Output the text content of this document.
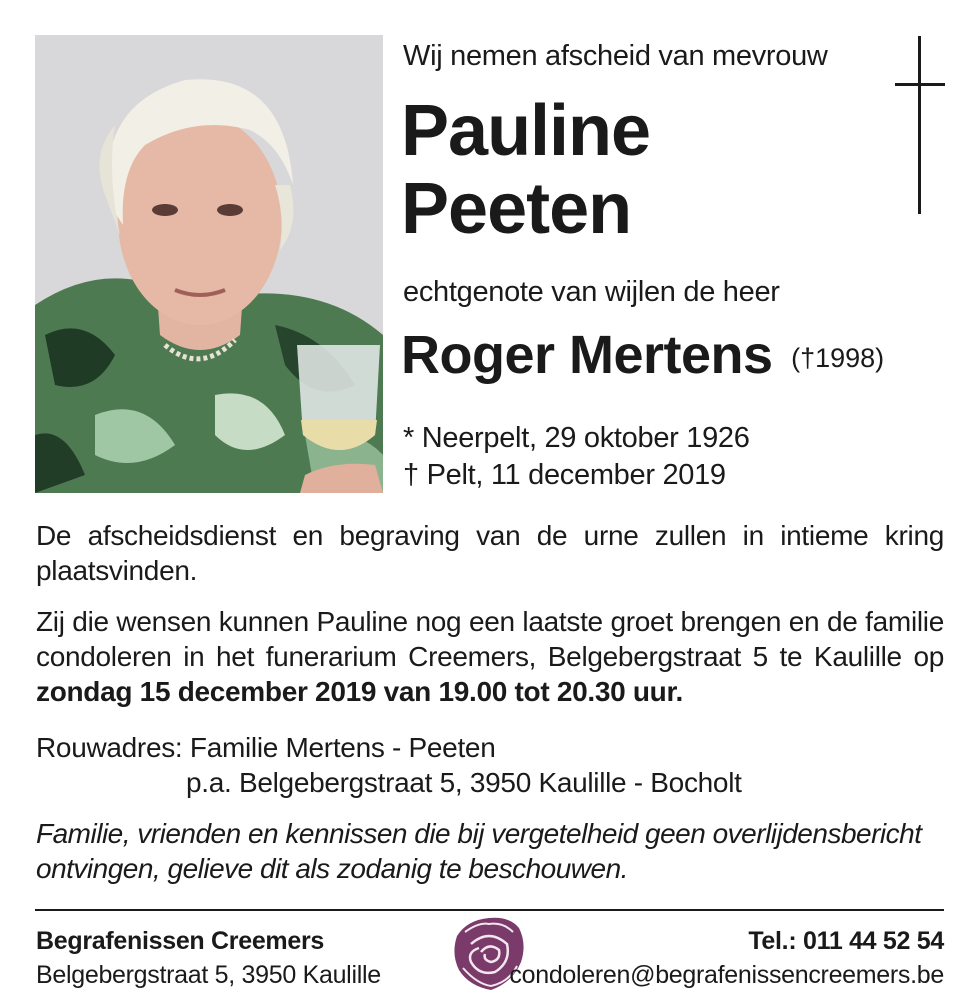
Wij nemen afscheid van mevrouw
Pauline
Peeten
echtgenote van wijlen de heer
Roger Mertens (†1998)
* Neerpelt, 29 oktober 1926
† Pelt, 11 december 2019
De afscheidsdienst en begraving van de urne zullen in intieme kring plaatsvinden.
Zij die wensen kunnen Pauline nog een laatste groet brengen en de familie condoleren in het funerarium Creemers, Belgebergstraat 5 te Kaulille op zondag 15 december 2019 van 19.00 tot 20.30 uur.
Rouwadres: Familie Mertens - Peeten
p.a. Belgebergstraat 5, 3950 Kaulille - Bocholt
Familie, vrienden en kennissen die bij vergetelheid geen overlijdensbericht ontvingen, gelieve dit als zodanig te beschouwen.
Begrafenissen Creemers
Belgebergstraat 5, 3950 Kaulille
Tel.: 011 44 52 54
condoleren@begrafenissencreemers.be
